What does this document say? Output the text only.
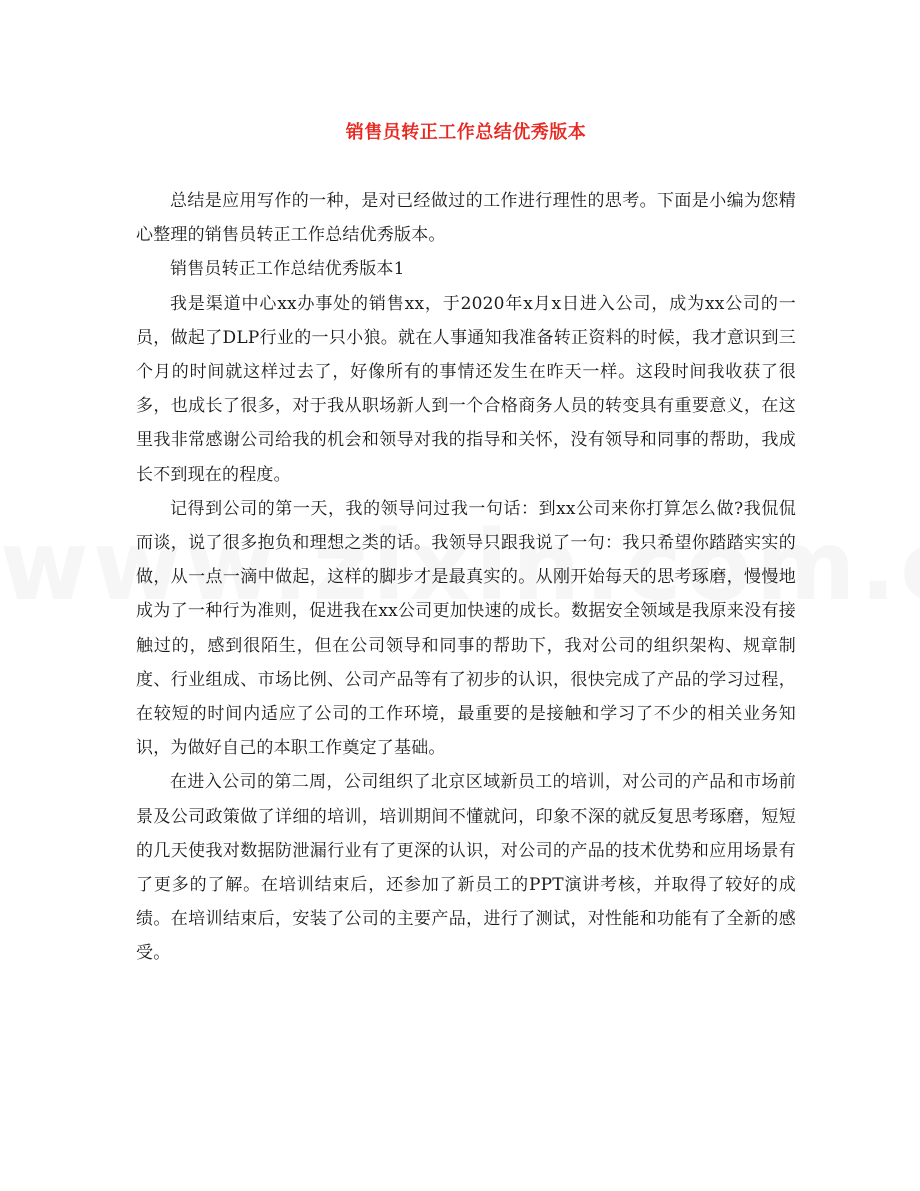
销售员转正工作总结优秀版本

总结是应用写作的一种，是对已经做过的工作进行理性的思考。下面是小编为您精心整理的销售员转正工作总结优秀版本。

销售员转正工作总结优秀版本1

我是渠道中心xx办事处的销售xx，于2020年x月x日进入公司，成为xx公司的一员，做起了DLP行业的一只小狼。就在人事通知我准备转正资料的时候，我才意识到三个月的时间就这样过去了，好像所有的事情还发生在昨天一样。这段时间我收获了很多，也成长了很多，对于我从职场新人到一个合格商务人员的转变具有重要意义，在这里我非常感谢公司给我的机会和领导对我的指导和关怀，没有领导和同事的帮助，我成长不到现在的程度。

记得到公司的第一天，我的领导问过我一句话：到xx公司来你打算怎么做?我侃侃而谈，说了很多抱负和理想之类的话。我领导只跟我说了一句：我只希望你踏踏实实的做，从一点一滴中做起，这样的脚步才是最真实的。从刚开始每天的思考琢磨，慢慢地成为了一种行为准则，促进我在xx公司更加快速的成长。数据安全领域是我原来没有接触过的，感到很陌生，但在公司领导和同事的帮助下，我对公司的组织架构、规章制度、行业组成、市场比例、公司产品等有了初步的认识，很快完成了产品的学习过程，在较短的时间内适应了公司的工作环境，最重要的是接触和学习了不少的相关业务知识，为做好自己的本职工作奠定了基础。

在进入公司的第二周，公司组织了北京区域新员工的培训，对公司的产品和市场前景及公司政策做了详细的培训，培训期间不懂就问，印象不深的就反复思考琢磨，短短的几天使我对数据防泄漏行业有了更深的认识，对公司的产品的技术优势和应用场景有了更多的了解。在培训结束后，还参加了新员工的PPT演讲考核，并取得了较好的成绩。在培训结束后，安装了公司的主要产品，进行了测试，对性能和功能有了全新的感受。
